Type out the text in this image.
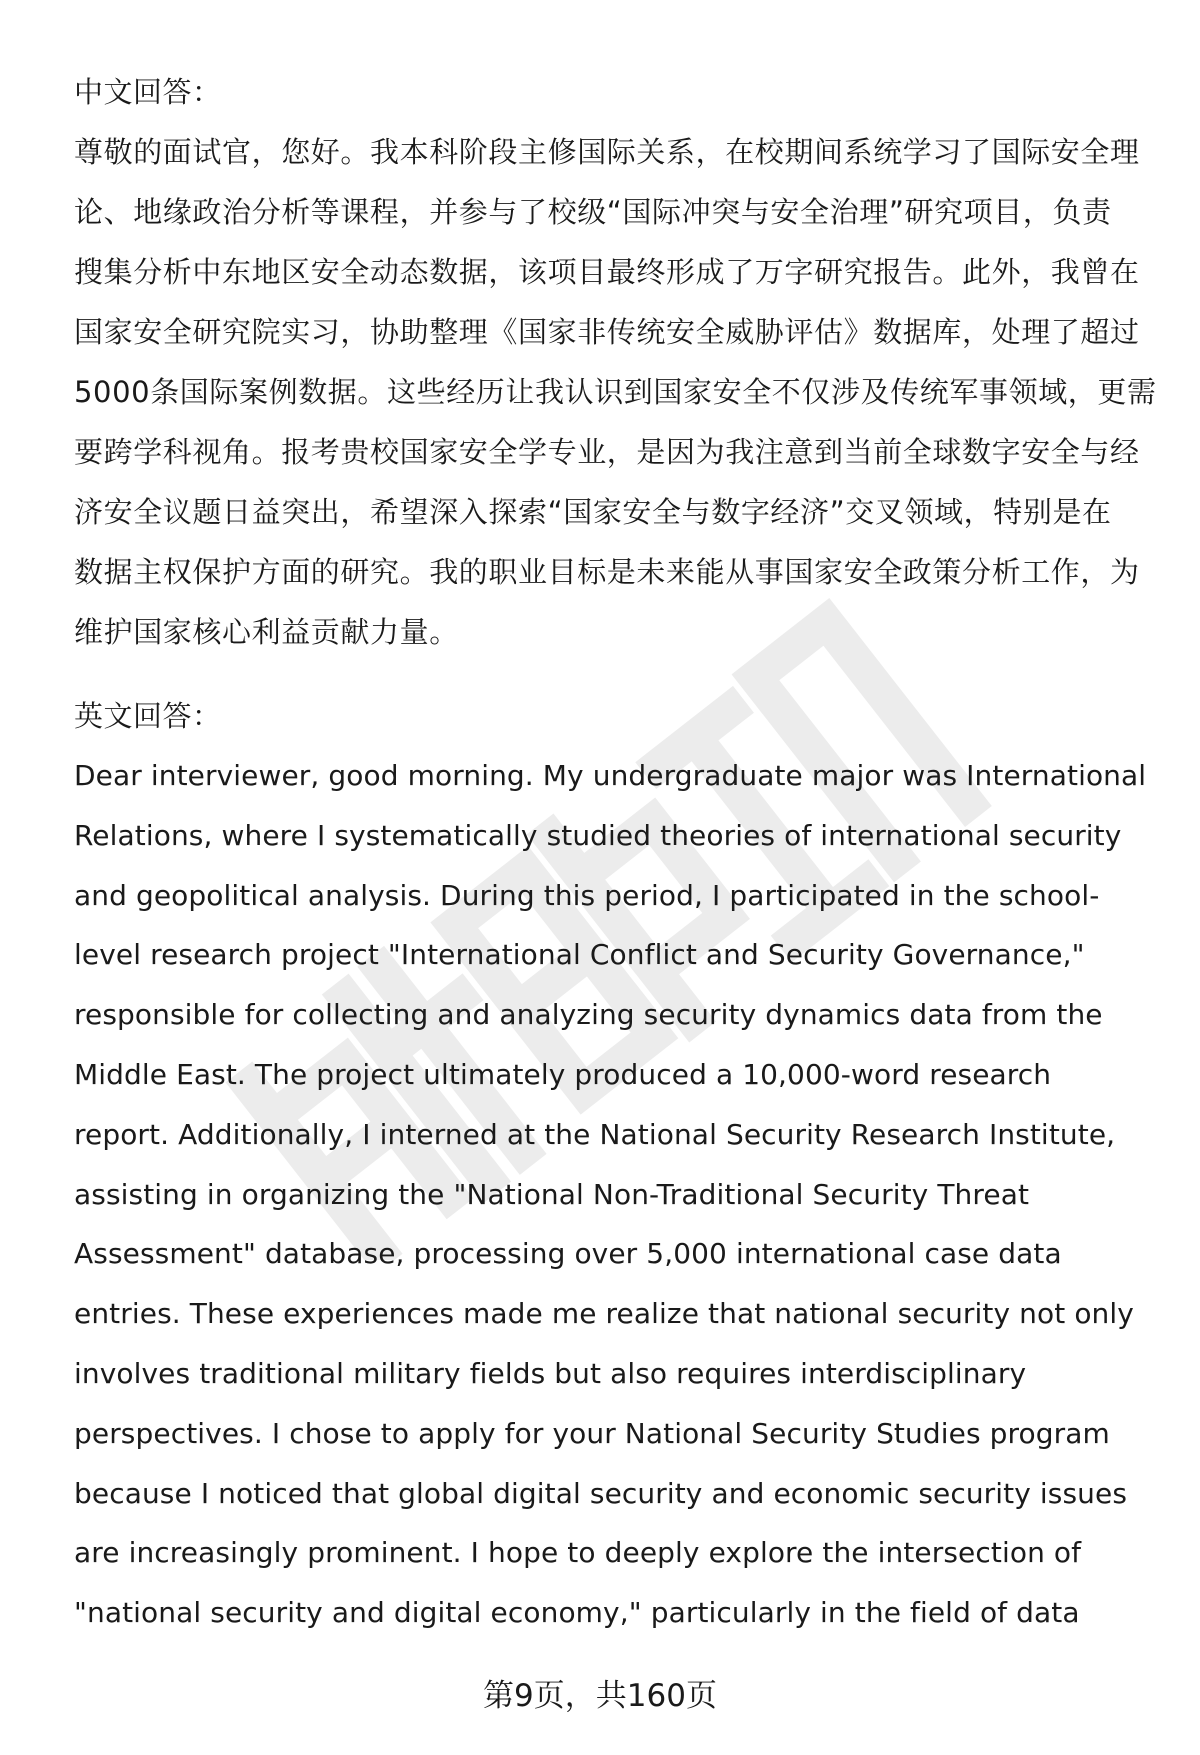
中文回答：

尊敬的面试官，您好。我本科阶段主修国际关系，在校期间系统学习了国际安全理

论、地缘政治分析等课程，并参与了校级“国际冲突与安全治理”研究项目，负责

搜集分析中东地区安全动态数据，该项目最终形成了万字研究报告。此外，我曾在

国家安全研究院实习，协助整理《国家非传统安全威胁评估》数据库，处理了超过

5000条国际案例数据。这些经历让我认识到国家安全不仅涉及传统军事领域，更需

要跨学科视角。报考贵校国家安全学专业，是因为我注意到当前全球数字安全与经

济安全议题日益突出，希望深入探索“国家安全与数字经济”交叉领域，特别是在

数据主权保护方面的研究。我的职业目标是未来能从事国家安全政策分析工作，为

维护国家核心利益贡献力量。

英文回答：

Dear interviewer, good morning. My undergraduate major was International

Relations, where I systematically studied theories of international security

and geopolitical analysis. During this period, I participated in the school-

level research project "International Conflict and Security Governance,"

responsible for collecting and analyzing security dynamics data from the

Middle East. The project ultimately produced a 10,000-word research

report. Additionally, I interned at the National Security Research Institute,

assisting in organizing the "National Non-Traditional Security Threat

Assessment" database, processing over 5,000 international case data

entries. These experiences made me realize that national security not only

involves traditional military fields but also requires interdisciplinary

perspectives. I chose to apply for your National Security Studies program

because I noticed that global digital security and economic security issues

are increasingly prominent. I hope to deeply explore the intersection of

"national security and digital economy," particularly in the field of data

第9页，共160页
